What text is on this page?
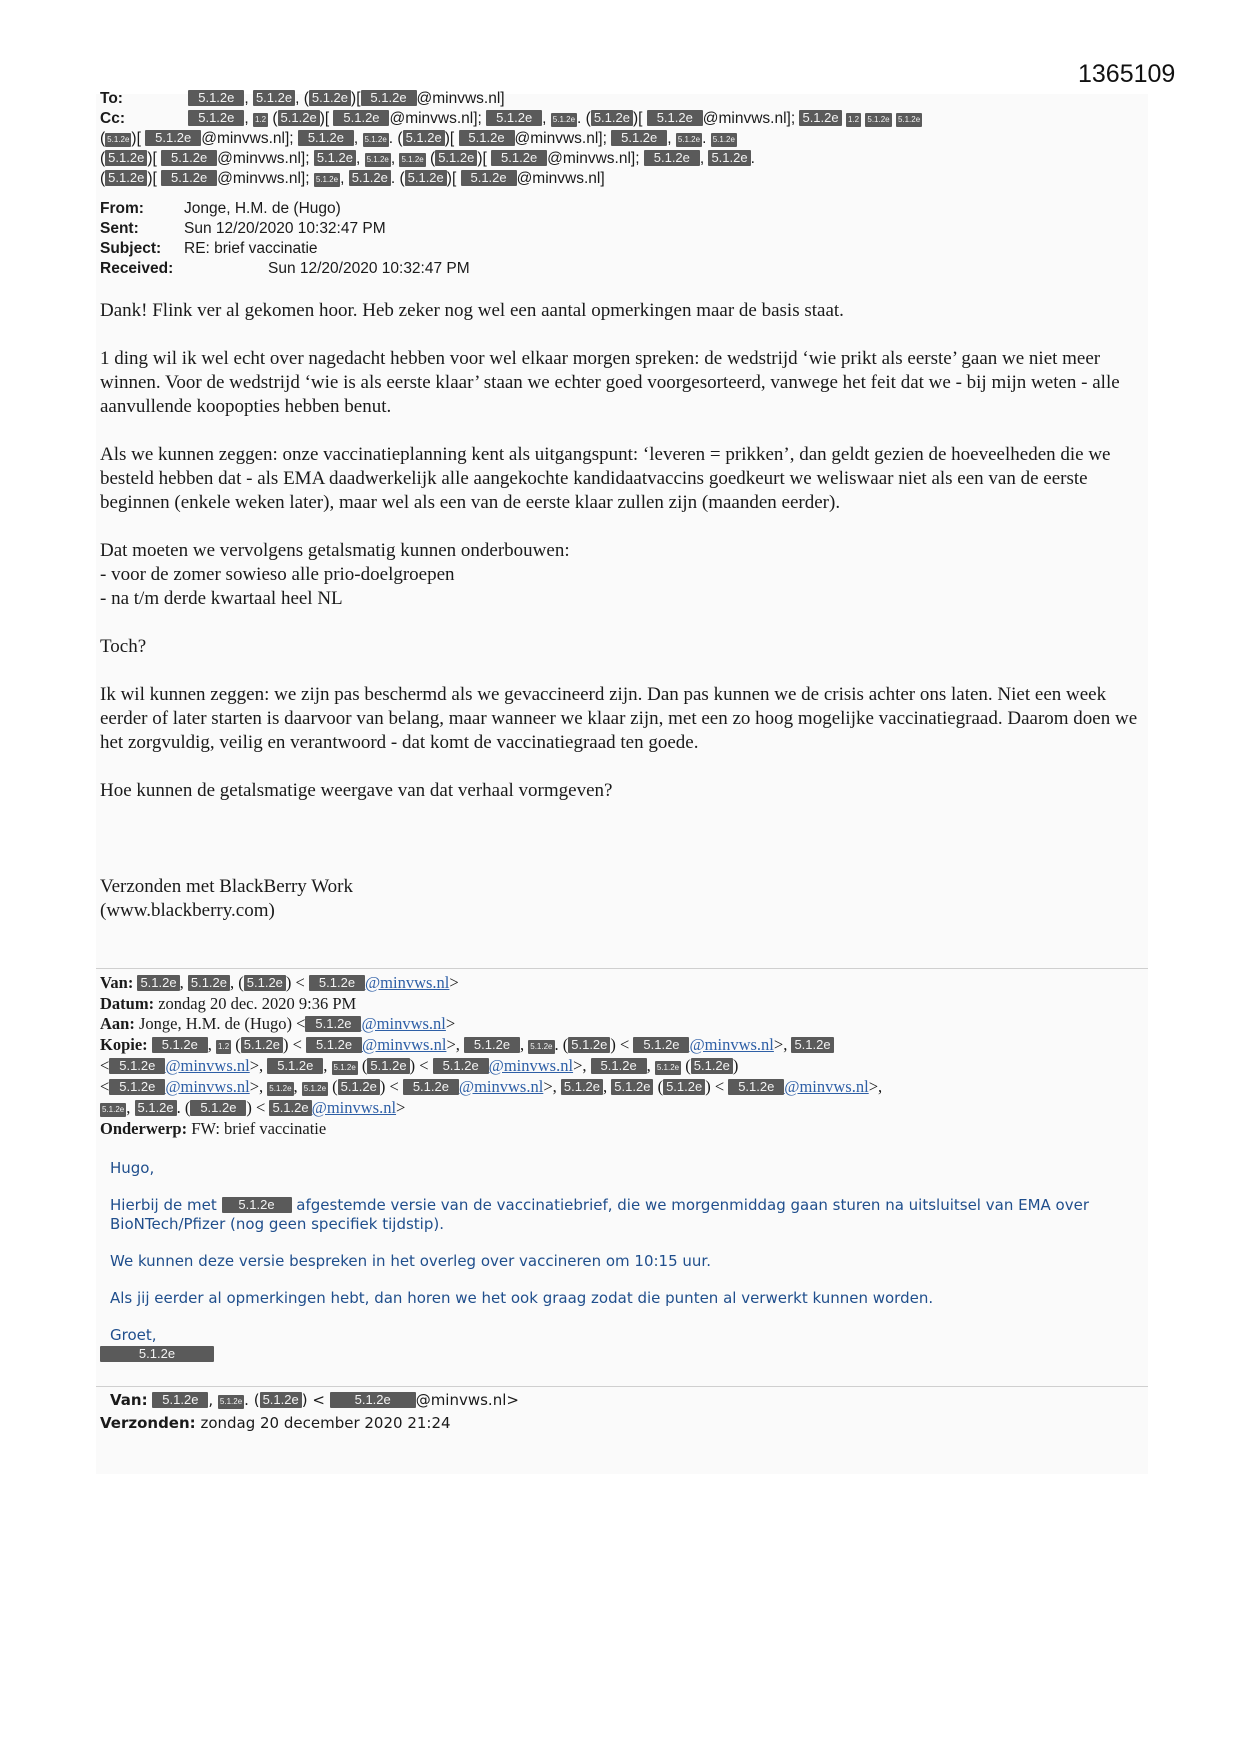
1365109
To:	5.1.2e , 5.1.2e , ( 5.1.2e )[ 5.1.2e @minvws.nl]
Cc:	5.1.2e , 1.2 ( 5.1.2e )[ 5.1.2e @minvws.nl]; 5.1.2e , 5.1.2e . ( 5.1.2e )[ 5.1.2e @minvws.nl]; 5.1.2e 1.2 5.1.2e 5.1.2e
( 5.1.2e )[ 5.1.2e @minvws.nl]; 5.1.2e , 5.1.2e . ( 5.1.2e )[ 5.1.2e @minvws.nl]; 5.1.2e , 5.1.2e . 5.1.2e
( 5.1.2e )[ 5.1.2e @minvws.nl]; 5.1.2e , 5.1.2e , 5.1.2e ( 5.1.2e )[ 5.1.2e @minvws.nl]; 5.1.2e , 5.1.2e .
( 5.1.2e )[ 5.1.2e @minvws.nl]; 5.1.2e , 5.1.2e . ( 5.1.2e )[ 5.1.2e @minvws.nl]
From:	Jonge, H.M. de (Hugo)
Sent:	Sun 12/20/2020 10:32:47 PM
Subject: RE: brief vaccinatie
Received:	Sun 12/20/2020 10:32:47 PM

Dank! Flink ver al gekomen hoor. Heb zeker nog wel een aantal opmerkingen maar de basis staat.

1 ding wil ik wel echt over nagedacht hebben voor wel elkaar morgen spreken: de wedstrijd ‘wie prikt als eerste’ gaan we niet meer winnen. Voor de wedstrijd ‘wie is als eerste klaar’ staan we echter goed voorgesorteerd, vanwege het feit dat we - bij mijn weten - alle aanvullende koopopties hebben benut.

Als we kunnen zeggen: onze vaccinatieplanning kent als uitgangspunt: ‘leveren = prikken’, dan geldt gezien de hoeveelheden die we besteld hebben dat - als EMA daadwerkelijk alle aangekochte kandidaatvaccins goedkeurt we weliswaar niet als een van de eerste beginnen (enkele weken later), maar wel als een van de eerste klaar zullen zijn (maanden eerder).

Dat moeten we vervolgens getalsmatig kunnen onderbouwen:
- voor de zomer sowieso alle prio-doelgroepen
- na t/m derde kwartaal heel NL

Toch?

Ik wil kunnen zeggen: we zijn pas beschermd als we gevaccineerd zijn. Dan pas kunnen we de crisis achter ons laten. Niet een week eerder of later starten is daarvoor van belang, maar wanneer we klaar zijn, met een zo hoog mogelijke vaccinatiegraad. Daarom doen we het zorgvuldig, veilig en verantwoord - dat komt de vaccinatiegraad ten goede.

Hoe kunnen de getalsmatige weergave van dat verhaal vormgeven?

Verzonden met BlackBerry Work
(www.blackberry.com)

Van: 5.1.2e , 5.1.2e , ( 5.1.2e ) < 5.1.2e @minvws.nl>
Datum: zondag 20 dec. 2020 9:36 PM
Aan: Jonge, H.M. de (Hugo) < 5.1.2e @minvws.nl>
Kopie: 5.1.2e , 1.2 ( 5.1.2e ) < 5.1.2e @minvws.nl>, 5.1.2e , 5.1.2e . ( 5.1.2e ) < 5.1.2e @minvws.nl>, 5.1.2e
< 5.1.2e @minvws.nl>, 5.1.2e , 5.1.2e ( 5.1.2e ) < 5.1.2e @minvws.nl>, 5.1.2e , 5.1.2e ( 5.1.2e )
< 5.1.2e @minvws.nl>, 5.1.2e , 5.1.2e ( 5.1.2e ) < 5.1.2e @minvws.nl>, 5.1.2e , 5.1.2e ( 5.1.2e ) < 5.1.2e @minvws.nl>,
5.1.2e , 5.1.2e . ( 5.1.2e ) < 5.1.2e @minvws.nl>
Onderwerp: FW: brief vaccinatie

Hugo,

Hierbij de met 5.1.2e afgestemde versie van de vaccinatiebrief, die we morgenmiddag gaan sturen na uitsluitsel van EMA over BioNTech/Pfizer (nog geen specifiek tijdstip).

We kunnen deze versie bespreken in het overleg over vaccineren om 10:15 uur.

Als jij eerder al opmerkingen hebt, dan horen we het ook graag zodat die punten al verwerkt kunnen worden.

Groet,

5.1.2e
Van: 5.1.2e , 5.1.2e . ( 5.1.2e ) < 5.1.2e @minvws.nl>
Verzonden: zondag 20 december 2020 21:24
